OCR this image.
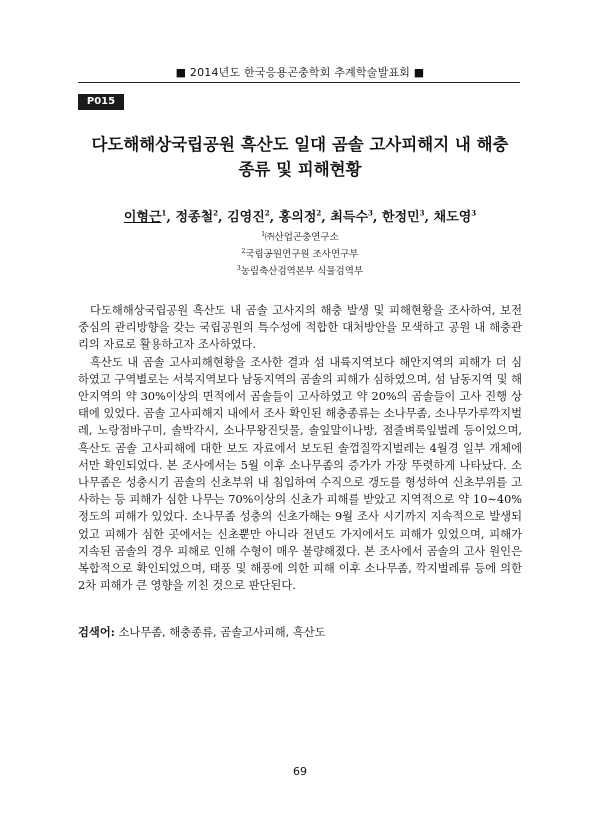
■ 2014년도 한국응용곤충학회 추계학술발표회 ■
P015
다도해해상국립공원 흑산도 일대 곰솔 고사피해지 내 해충
종류 및 피해현황
이형근$^1$, 정종철$^2$, 김영진$^2$, 홍의정$^2$, 최득수$^3$, 한정민$^3$, 채도영$^3$
$^1$㈜산업곤충연구소
$^2$국립공원연구원 조사연구부
$^3$농림축산검역본부 식물검역부

다도해해상국립공원 흑산도 내 곰솔 고사지의 해충 발생 및 피해현황을 조사하여, 보전중심의 관리방향을 갖는 국립공원의 특수성에 적합한 대처방안을 모색하고 공원 내 해충관리의 자료로 활용하고자 조사하였다.

흑산도 내 곰솔 고사피해현황을 조사한 결과 섬 내륙지역보다 해안지역의 피해가 더 심하였고 구역별로는 서북지역보다 남동지역의 곰솔의 피해가 심하였으며, 섬 남동지역 및 해안지역의 약 30%이상의 면적에서 곰솔들이 고사하였고 약 20%의 곰솔들이 고사 진행 상태에 있었다. 곰솔 고사피해지 내에서 조사 확인된 해충종류는 소나무좀, 소나무가루깍지벌레, 노랑점바구미, 솔박각시, 소나무왕진딧물, 솔잎말이나방, 점줄벼룩잎벌레 등이었으며, 흑산도 곰솔 고사피해에 대한 보도 자료에서 보도된 솔껍질깍지벌레는 4월경 일부 개체에서만 확인되었다. 본 조사에서는 5월 이후 소나무좀의 증가가 가장 뚜렷하게 나타났다. 소나무좀은 성충시기 곰솔의 신초부위 내 침입하여 수직으로 갱도를 형성하여 신초부위를 고사하는 등 피해가 심한 나무는 70%이상의 신초가 피해를 받았고 지역적으로 약 10∼40% 정도의 피해가 있었다. 소나무좀 성충의 신초가해는 9월 조사 시기까지 지속적으로 발생되었고 피해가 심한 곳에서는 신초뿐만 아니라 전년도 가지에서도 피해가 있었으며, 피해가 지속된 곰솔의 경우 피해로 인해 수형이 매우 불량해졌다. 본 조사에서 곰솔의 고사 원인은 복합적으로 확인되었으며, 태풍 및 해풍에 의한 피해 이후 소나무좀, 깍지벌레류 등에 의한 2차 피해가 큰 영향을 끼친 것으로 판단된다.

검색어: 소나무좀, 해충종류, 곰솔고사피해, 흑산도
69
